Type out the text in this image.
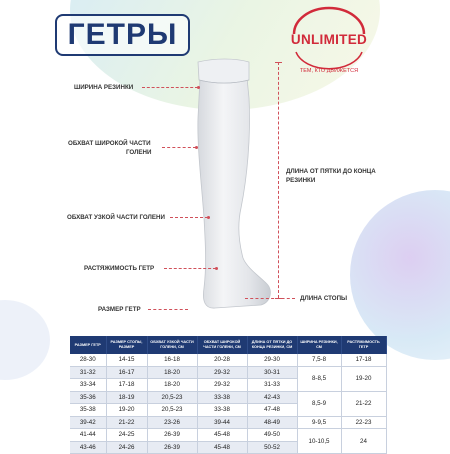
ГЕТРЫ	UNLIMITED
ТЕМ, КТО ДВИЖЕТСЯ
ШИРИНА РЕЗИНКИ
ОБХВАТ ШИРОКОЙ ЧАСТИ
ГОЛЕНИ
ОБХВАТ УЗКОЙ ЧАСТИ ГОЛЕНИ
РАСТЯЖИМОСТЬ ГЕТР
РАЗМЕР ГЕТР
ДЛИНА ОТ ПЯТКИ ДО КОНЦА
РЕЗИНКИ
ДЛИНА СТОПЫ
РАЗМЕР ГЕТР	РАЗМЕР СТОПЫ, РАЗМЕР	ОБХВАТ УЗКОЙ ЧАСТИ ГОЛЕНИ, СМ	ОБХВАТ ШИРОКОЙ ЧАСТИ ГОЛЕНИ, СМ	ДЛИНА ОТ ПЯТКИ ДО КОНЦА РЕЗИНКИ, СМ	ШИРИНА РЕЗИНКИ, СМ	РАСТЯЖИМОСТЬ ГЕТР
28-30	14-15	16-18	20-28	29-30	7,5-8	17-18
31-32	16-17	18-20	29-32	30-31	8-8,5	19-20
33-34	17-18	18-20	29-32	31-33		
35-36	18-19	20,5-23	33-38	42-43	8,5-9	21-22
35-38	19-20	20,5-23	33-38	47-48		
39-42	21-22	23-26	39-44	48-49	9-9,5	22-23
41-44	24-25	26-39	45-48	49-50	10-10,5	24
43-46	24-26	26-39	45-48	50-52		
